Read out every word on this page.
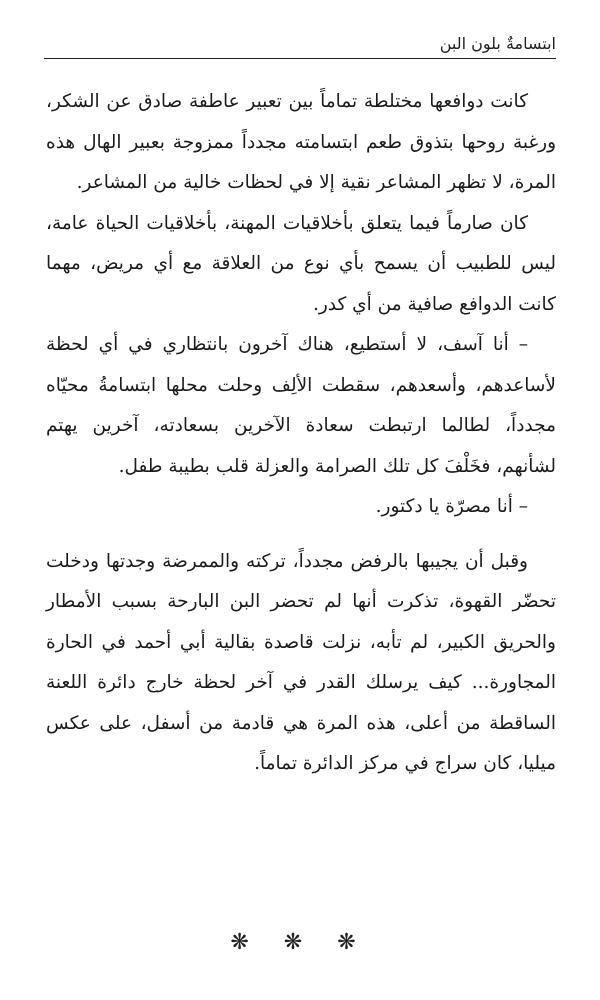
ابتسامةٌ بلون البن

كانت دوافعها مختلطة تماماً بين تعبير عاطفة صادق عن الشكر، ورغبة روحها بتذوق طعم ابتسامته مجدداً ممزوجة بعبير الهال هذه المرة، لا تظهر المشاعر نقية إلا في لحظات خالية من المشاعر.

كان صارماً فيما يتعلق بأخلاقيات المهنة، بأخلاقيات الحياة عامة، ليس للطبيب أن يسمح بأي نوع من العلاقة مع أي مريض، مهما كانت الدوافع صافية من أي كدر.

– أنا آسف، لا أستطيع، هناك آخرون بانتظاري في أي لحظة لأساعدهم، وأسعدهم، سقطت الألِف وحلت محلها ابتسامةُ محيّاه مجدداً، لطالما ارتبطت سعادة الآخرين بسعادته، آخرين يهتم لشأنهم، فخَلْفَ كل تلك الصرامة والعزلة قلب بطيبة طفل.

– أنا مصرّة يا دكتور.

وقبل أن يجيبها بالرفض مجدداً، تركته والممرضة وجدتها ودخلت تحضّر القهوة، تذكرت أنها لم تحضر البن البارحة بسبب الأمطار والحريق الكبير، لم تأبه، نزلت قاصدة بقالية أبي أحمد في الحارة المجاورة... كيف يرسلك القدر في آخر لحظة خارج دائرة اللعنة الساقطة من أعلى، هذه المرة هي قادمة من أسفل، على عكس ميليا، كان سراج في مركز الدائرة تماماً.

❋ ❋ ❋
